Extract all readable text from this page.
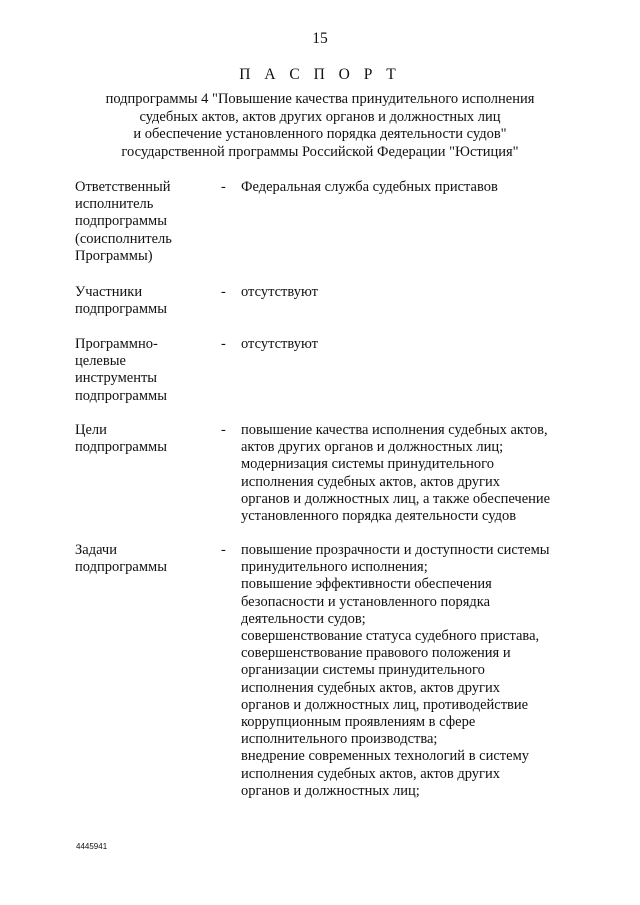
15
П А С П О Р Т
подпрограммы 4 "Повышение качества принудительного исполнения
судебных актов, актов других органов и должностных лиц
и обеспечение установленного порядка деятельности судов"
государственной программы Российской Федерации "Юстиция"
Ответственный
исполнитель
подпрограммы
(соисполнитель
Программы)
- Федеральная служба судебных приставов
Участники
подпрограммы
- отсутствуют
Программно-
целевые
инструменты
подпрограммы
- отсутствуют
Цели
подпрограммы
- повышение качества исполнения судебных актов,
актов других органов и должностных лиц;
модернизация системы принудительного
исполнения судебных актов, актов других
органов и должностных лиц, а также обеспечение
установленного порядка деятельности судов
Задачи
подпрограммы
- повышение прозрачности и доступности системы
принудительного исполнения;
повышение эффективности обеспечения
безопасности и установленного порядка
деятельности судов;
совершенствование статуса судебного пристава,
совершенствование правового положения и
организации системы принудительного
исполнения судебных актов, актов других
органов и должностных лиц, противодействие
коррупционным проявлениям в сфере
исполнительного производства;
внедрение современных технологий в систему
исполнения судебных актов, актов других
органов и должностных лиц;
4445941
